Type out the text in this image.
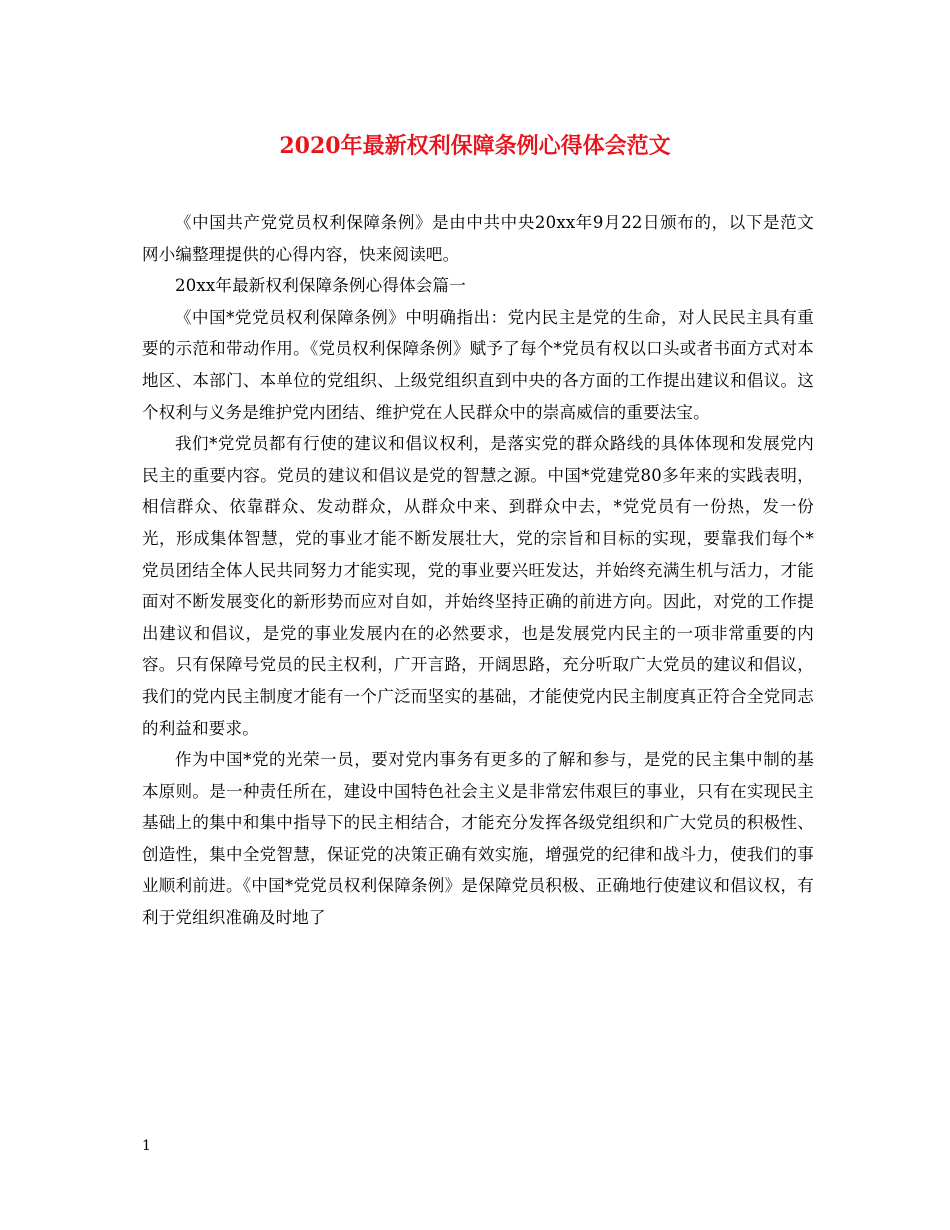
2020年最新权利保障条例心得体会范文

《中国共产党党员权利保障条例》是由中共中央20xx年9月22日颁布的，以下是范文网小编整理提供的心得内容，快来阅读吧。

20xx年最新权利保障条例心得体会篇一

《中国*党党员权利保障条例》中明确指出：党内民主是党的生命，对人民民主具有重要的示范和带动作用。《党员权利保障条例》赋予了每个*党员有权以口头或者书面方式对本地区、本部门、本单位的党组织、上级党组织直到中央的各方面的工作提出建议和倡议。这个权利与义务是维护党内团结、维护党在人民群众中的崇高威信的重要法宝。

我们*党党员都有行使的建议和倡议权利，是落实党的群众路线的具体体现和发展党内民主的重要内容。党员的建议和倡议是党的智慧之源。中国*党建党80多年来的实践表明，相信群众、依靠群众、发动群众，从群众中来、到群众中去，*党党员有一份热，发一份光，形成集体智慧，党的事业才能不断发展壮大，党的宗旨和目标的实现，要靠我们每个*党员团结全体人民共同努力才能实现，党的事业要兴旺发达，并始终充满生机与活力，才能面对不断发展变化的新形势而应对自如，并始终坚持正确的前进方向。因此，对党的工作提出建议和倡议，是党的事业发展内在的必然要求，也是发展党内民主的一项非常重要的内容。只有保障号党员的民主权利，广开言路，开阔思路，充分听取广大党员的建议和倡议，我们的党内民主制度才能有一个广泛而坚实的基础，才能使党内民主制度真正符合全党同志的利益和要求。

作为中国*党的光荣一员，要对党内事务有更多的了解和参与，是党的民主集中制的基本原则。是一种责任所在，建设中国特色社会主义是非常宏伟艰巨的事业，只有在实现民主基础上的集中和集中指导下的民主相结合，才能充分发挥各级党组织和广大党员的积极性、创造性，集中全党智慧，保证党的决策正确有效实施，增强党的纪律和战斗力，使我们的事业顺利前进。《中国*党党员权利保障条例》是保障党员积极、正确地行使建议和倡议权，有利于党组织准确及时地了

1
